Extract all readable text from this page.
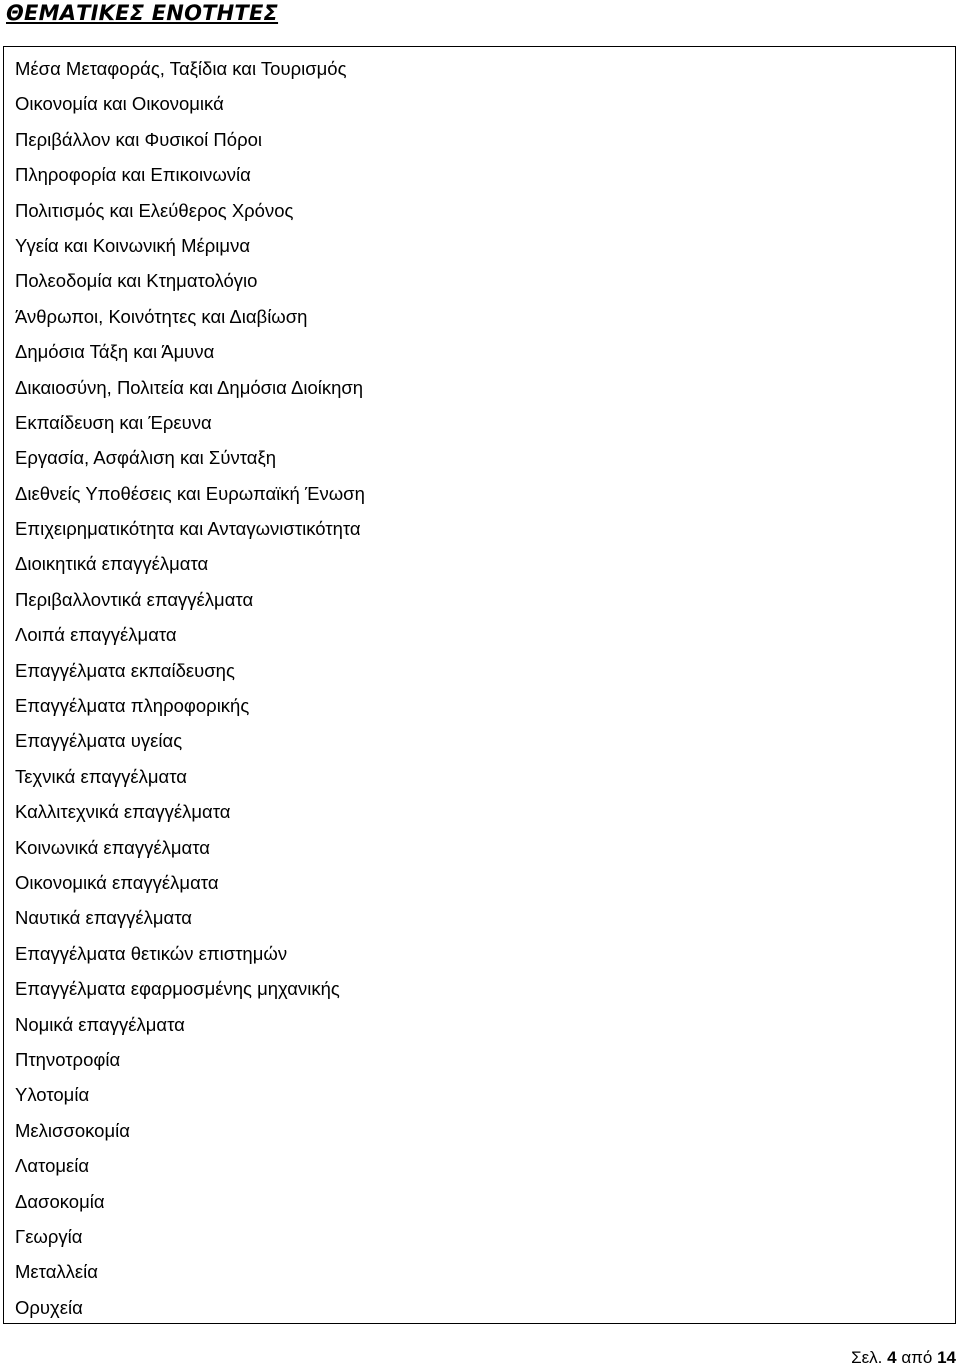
ΘΕΜΑΤΙΚΕΣ ΕΝΟΤΗΤΕΣ
Μέσα Μεταφοράς, Ταξίδια και Τουρισμός
Οικονομία και Οικονομικά
Περιβάλλον και Φυσικοί Πόροι
Πληροφορία και Επικοινωνία
Πολιτισμός και Ελεύθερος Χρόνος
Υγεία και Κοινωνική Μέριμνα
Πολεοδομία και Κτηματολόγιο
Άνθρωποι, Κοινότητες και Διαβίωση
Δημόσια Τάξη και Άμυνα
Δικαιοσύνη, Πολιτεία και Δημόσια Διοίκηση
Εκπαίδευση και Έρευνα
Εργασία, Ασφάλιση και Σύνταξη
Διεθνείς Υποθέσεις και Ευρωπαϊκή Ένωση
Επιχειρηματικότητα και Ανταγωνιστικότητα
Διοικητικά επαγγέλματα
Περιβαλλοντικά επαγγέλματα
Λοιπά επαγγέλματα
Επαγγέλματα εκπαίδευσης
Επαγγέλματα πληροφορικής
Επαγγέλματα υγείας
Τεχνικά επαγγέλματα
Καλλιτεχνικά επαγγέλματα
Κοινωνικά επαγγέλματα
Οικονομικά επαγγέλματα
Ναυτικά επαγγέλματα
Επαγγέλματα θετικών επιστημών
Επαγγέλματα εφαρμοσμένης μηχανικής
Νομικά επαγγέλματα
Πτηνοτροφία
Υλοτομία
Μελισσοκομία
Λατομεία
Δασοκομία
Γεωργία
Μεταλλεία
Ορυχεία
Σελ. 4 από 14
